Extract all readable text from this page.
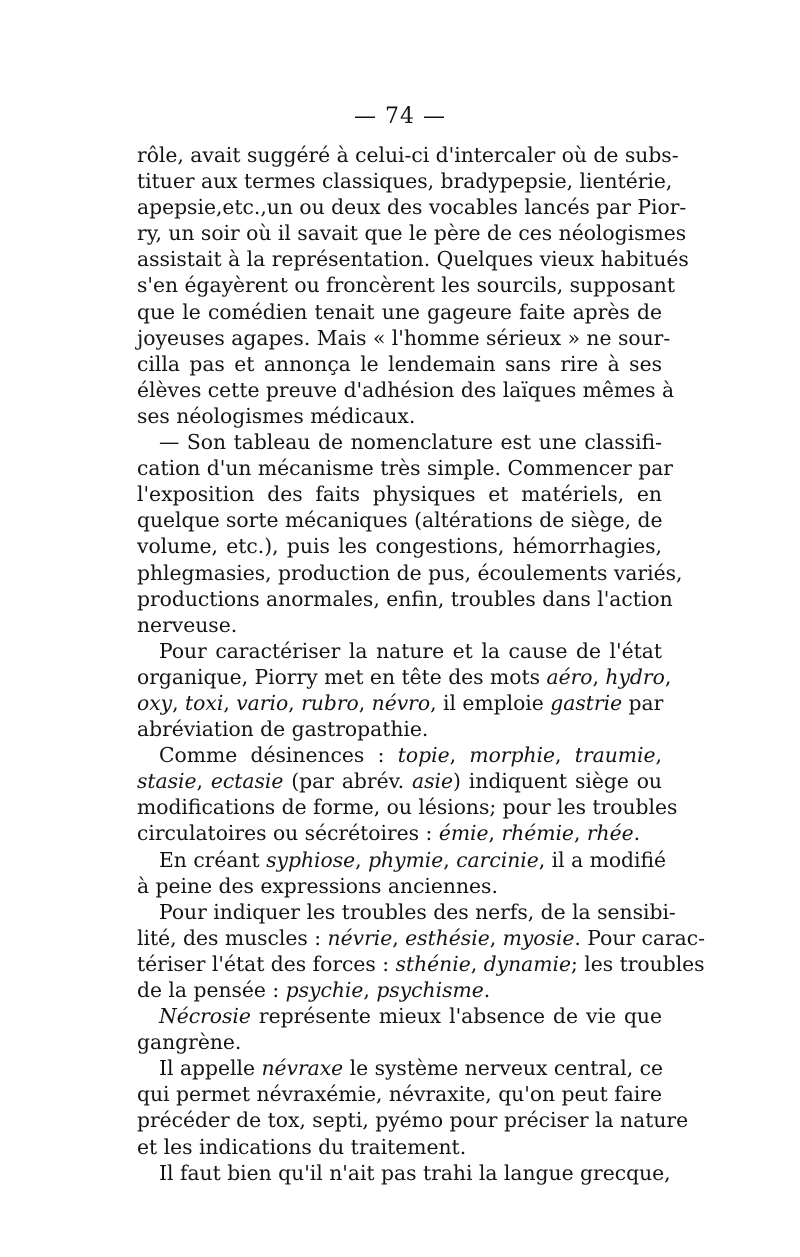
— 74 —
rôle, avait suggéré à celui-ci d'intercaler où de subs-
tituer aux termes classiques, bradypepsie, lientérie,
apepsie,etc.,un ou deux des vocables lancés par Pior-
ry, un soir où il savait que le père de ces néologismes
assistait à la représentation. Quelques vieux habitués
s'en égayèrent ou froncèrent les sourcils, supposant
que le comédien tenait une gageure faite après de
joyeuses agapes. Mais « l'homme sérieux » ne sour-
cilla pas et annonça le lendemain sans rire à ses
élèves cette preuve d'adhésion des laïques mêmes à
ses néologismes médicaux.
— Son tableau de nomenclature est une classifi-
cation d'un mécanisme très simple. Commencer par
l'exposition des faits physiques et matériels, en
quelque sorte mécaniques (altérations de siège, de
volume, etc.), puis les congestions, hémorrhagies,
phlegmasies, production de pus, écoulements variés,
productions anormales, enfin, troubles dans l'action
nerveuse.
Pour caractériser la nature et la cause de l'état
organique, Piorry met en tête des mots aéro, hydro,
oxy, toxi, vario, rubro, névro, il emploie gastrie par
abréviation de gastropathie.
Comme désinences : topie, morphie, traumie,
stasie, ectasie (par abrév. asie) indiquent siège ou
modifications de forme, ou lésions; pour les troubles
circulatoires ou sécrétoires : émie, rhémie, rhée.
En créant syphiose, phymie, carcinie, il a modifié
à peine des expressions anciennes.
Pour indiquer les troubles des nerfs, de la sensibi-
lité, des muscles : névrie, esthésie, myosie. Pour carac-
tériser l'état des forces : sthénie, dynamie; les troubles
de la pensée : psychie, psychisme.
Nécrosie représente mieux l'absence de vie que
gangrène.
Il appelle névraxe le système nerveux central, ce
qui permet névraxémie, névraxite, qu'on peut faire
précéder de tox, septi, pyémo pour préciser la nature
et les indications du traitement.
Il faut bien qu'il n'ait pas trahi la langue grecque,
